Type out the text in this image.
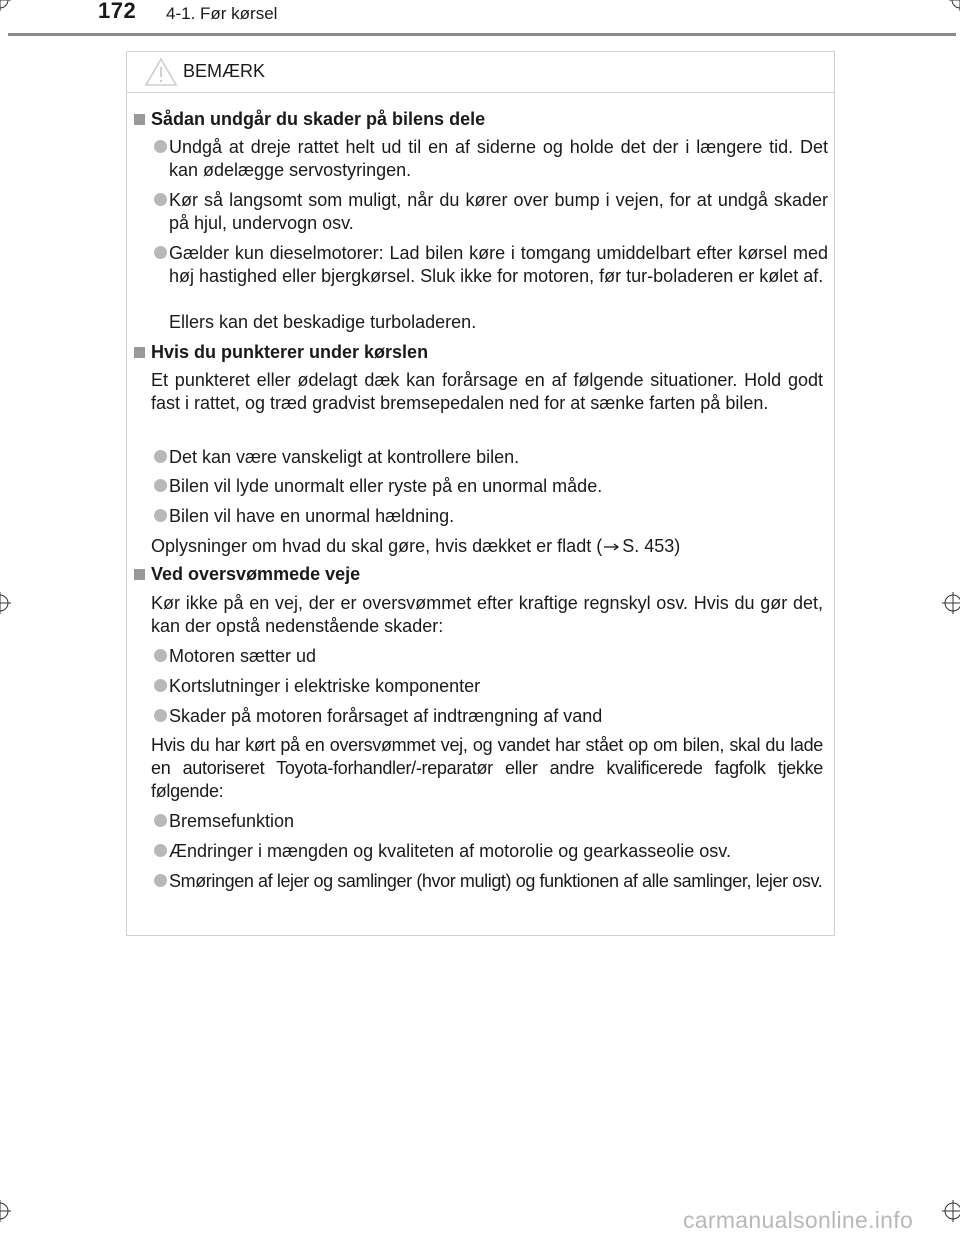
172 4-1. Før kørsel
BEMÆRK
Sådan undgår du skader på bilens dele
Undgå at dreje rattet helt ud til en af siderne og holde det der i længere tid. Det kan ødelægge servostyringen.
Kør så langsomt som muligt, når du kører over bump i vejen, for at undgå skader på hjul, undervogn osv.
Gælder kun dieselmotorer: Lad bilen køre i tomgang umiddelbart efter kørsel med høj hastighed eller bjergkørsel. Sluk ikke for motoren, før tur-boladeren er kølet af.
Ellers kan det beskadige turboladeren.
Hvis du punkterer under kørslen
Et punkteret eller ødelagt dæk kan forårsage en af følgende situationer. Hold godt fast i rattet, og træd gradvist bremsepedalen ned for at sænke farten på bilen.
Det kan være vanskeligt at kontrollere bilen.
Bilen vil lyde unormalt eller ryste på en unormal måde.
Bilen vil have en unormal hældning.
Oplysninger om hvad du skal gøre, hvis dækket er fladt ( S. 453)
Ved oversvømmede veje
Kør ikke på en vej, der er oversvømmet efter kraftige regnskyl osv. Hvis du gør det, kan der opstå nedenstående skader:
Motoren sætter ud
Kortslutninger i elektriske komponenter
Skader på motoren forårsaget af indtrængning af vand
Hvis du har kørt på en oversvømmet vej, og vandet har stået op om bilen, skal du lade en autoriseret Toyota-forhandler/-reparatør eller andre kvalificerede fagfolk tjekke følgende:
Bremsefunktion
Ændringer i mængden og kvaliteten af motorolie og gearkasseolie osv.
Smøringen af lejer og samlinger (hvor muligt) og funktionen af alle samlinger, lejer osv.
carmanualsonline.info
